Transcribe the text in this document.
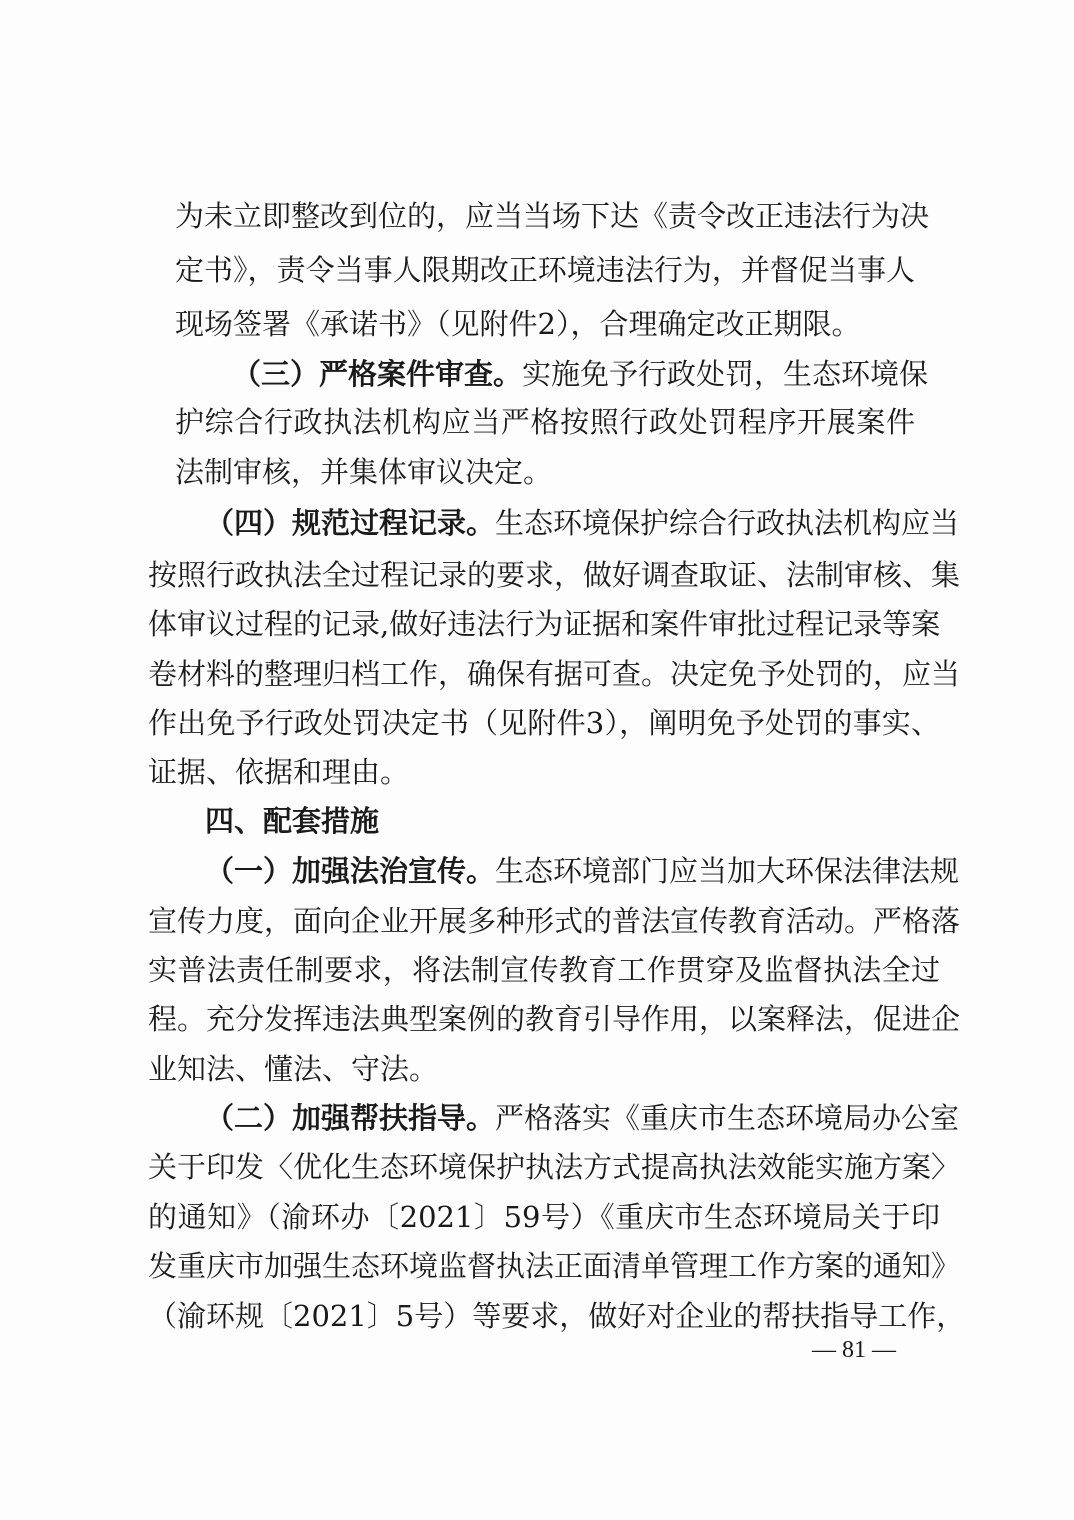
为未立即整改到位的，应当当场下达《责令改正违法行为决
定书》，责令当事人限期改正环境违法行为，并督促当事人
现场签署《承诺书》（见附件2），合理确定改正期限。
（三）严格案件审查。实施免予行政处罚，生态环境保
护综合行政执法机构应当严格按照行政处罚程序开展案件
法制审核，并集体审议决定。
（四）规范过程记录。生态环境保护综合行政执法机构应当
按照行政执法全过程记录的要求，做好调查取证、法制审核、集
体审议过程的记录,做好违法行为证据和案件审批过程记录等案
卷材料的整理归档工作，确保有据可查。决定免予处罚的，应当
作出免予行政处罚决定书（见附件3），阐明免予处罚的事实、
证据、依据和理由。
四、配套措施
（一）加强法治宣传。生态环境部门应当加大环保法律法规
宣传力度，面向企业开展多种形式的普法宣传教育活动。严格落
实普法责任制要求，将法制宣传教育工作贯穿及监督执法全过
程。充分发挥违法典型案例的教育引导作用，以案释法，促进企
业知法、懂法、守法。
（二）加强帮扶指导。严格落实《重庆市生态环境局办公室
关于印发〈优化生态环境保护执法方式提高执法效能实施方案〉
的通知》（渝环办〔2021〕59号）《重庆市生态环境局关于印
发重庆市加强生态环境监督执法正面清单管理工作方案的通知》
（渝环规〔2021〕5号）等要求，做好对企业的帮扶指导工作，
— 81 —
